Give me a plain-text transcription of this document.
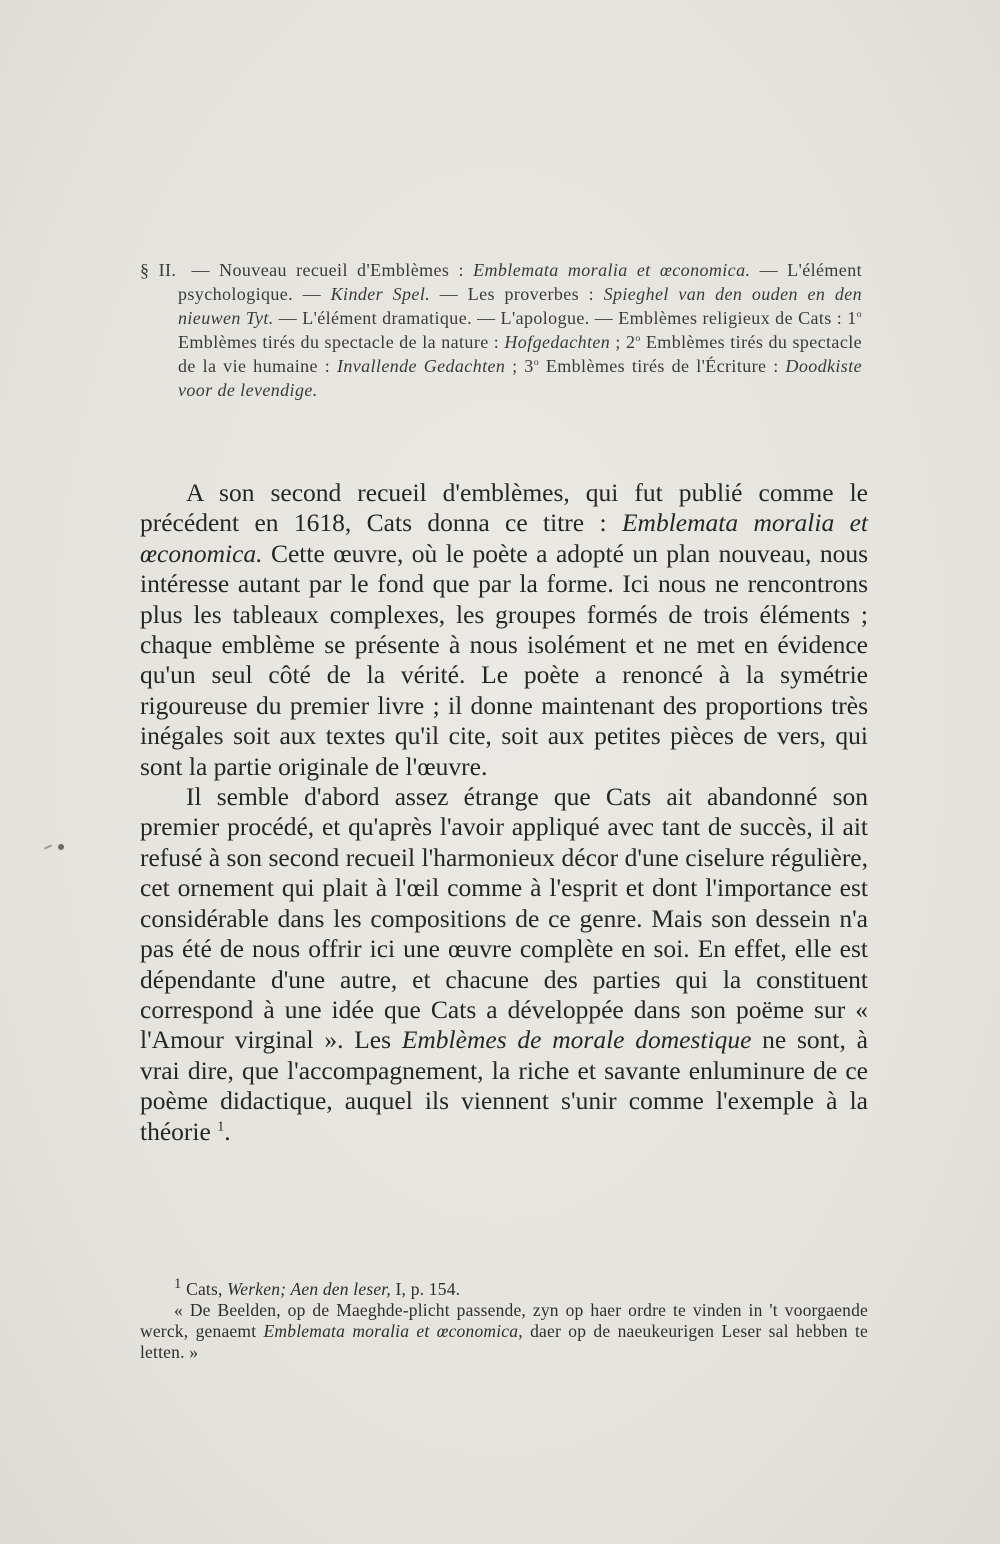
§ II. — Nouveau recueil d'Emblèmes : Emblemata moralia et œconomica. — L'élément psychologique. — Kinder Spel. — Les proverbes : Spieghel van den ouden en den nieuwen Tyt. — L'élément dramatique. — L'apologue. — Emblèmes religieux de Cats : 1$^o$ Emblèmes tirés du spectacle de la nature : Hofgedachten ; 2$^o$ Emblèmes tirés du spectacle de la vie humaine : Invallende Gedachten ; 3$^o$ Emblèmes tirés de l'Écriture : Doodkiste voor de levendige.

A son second recueil d'emblèmes, qui fut publié comme le précédent en 1618, Cats donna ce titre : Emblemata moralia et œconomica. Cette œuvre, où le poète a adopté un plan nouveau, nous intéresse autant par le fond que par la forme. Ici nous ne rencontrons plus les tableaux complexes, les groupes formés de trois éléments ; chaque emblème se présente à nous isolément et ne met en évidence qu'un seul côté de la vérité. Le poète a renoncé à la symétrie rigoureuse du premier livre ; il donne maintenant des proportions très inégales soit aux textes qu'il cite, soit aux petites pièces de vers, qui sont la partie originale de l'œuvre.

Il semble d'abord assez étrange que Cats ait abandonné son premier procédé, et qu'après l'avoir appliqué avec tant de succès, il ait refusé à son second recueil l'harmonieux décor d'une ciselure régulière, cet ornement qui plait à l'œil comme à l'esprit et dont l'importance est considérable dans les compositions de ce genre. Mais son dessein n'a pas été de nous offrir ici une œuvre complète en soi. En effet, elle est dépendante d'une autre, et chacune des parties qui la constituent correspond à une idée que Cats a développée dans son poëme sur « l'Amour virginal ». Les Emblèmes de morale domestique ne sont, à vrai dire, que l'accompagnement, la riche et savante enluminure de ce poème didactique, auquel ils viennent s'unir comme l'exemple à la théorie $^1$.

$^1$ Cats, Werken; Aen den leser, I, p. 154.

« De Beelden, op de Maeghde-plicht passende, zyn op haer ordre te vinden in 't voorgaende werck, genaemt Emblemata moralia et œconomica, daer op de naeukeurigen Leser sal hebben te letten. »
